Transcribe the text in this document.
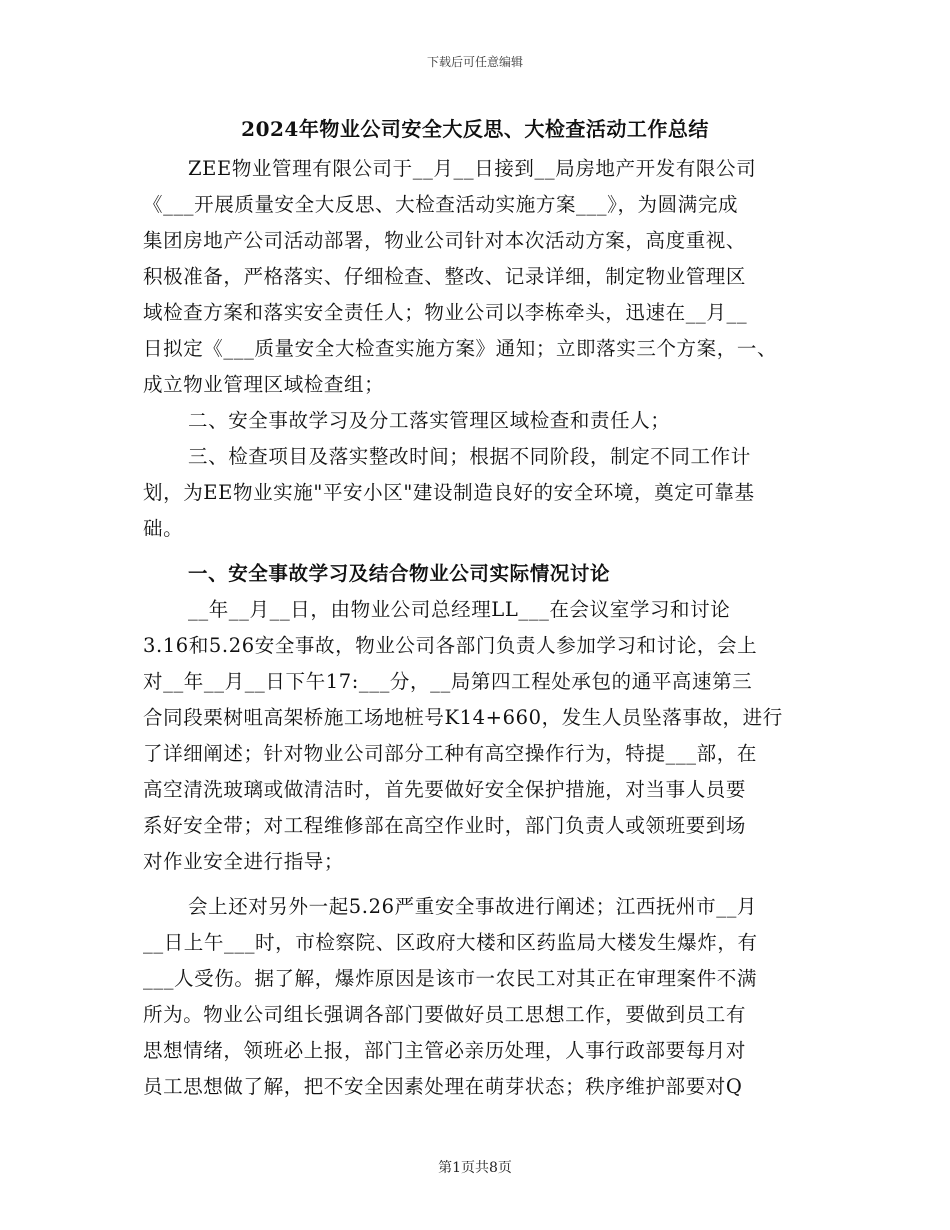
下载后可任意编辑
2024年物业公司安全大反思、大检查活动工作总结
ZEE物业管理有限公司于__月__日接到__局房地产开发有限公司
《___开展质量安全大反思、大检查活动实施方案___》，为圆满完成
集团房地产公司活动部署，物业公司针对本次活动方案，高度重视、
积极准备，严格落实、仔细检查、整改、记录详细，制定物业管理区
域检查方案和落实安全责任人；物业公司以李栋牵头，迅速在__月__
日拟定《___质量安全大检查实施方案》通知；立即落实三个方案，一、
成立物业管理区域检查组；
二、安全事故学习及分工落实管理区域检查和责任人；
三、检查项目及落实整改时间；根据不同阶段，制定不同工作计
划，为EE物业实施"平安小区"建设制造良好的安全环境，奠定可靠基
础。
一、安全事故学习及结合物业公司实际情况讨论
__年__月__日，由物业公司总经理LL___在会议室学习和讨论
3.16和5.26安全事故，物业公司各部门负责人参加学习和讨论，会上
对__年__月__日下午17:___分，__局第四工程处承包的通平高速第三
合同段栗树咀高架桥施工场地桩号K14+660，发生人员坠落事故，进行
了详细阐述；针对物业公司部分工种有高空操作行为，特提___部，在
高空清洗玻璃或做清洁时，首先要做好安全保护措施，对当事人员要
系好安全带；对工程维修部在高空作业时，部门负责人或领班要到场
对作业安全进行指导；
会上还对另外一起5.26严重安全事故进行阐述；江西抚州市__月
__日上午___时，市检察院、区政府大楼和区药监局大楼发生爆炸，有
___人受伤。据了解，爆炸原因是该市一农民工对其正在审理案件不满
所为。物业公司组长强调各部门要做好员工思想工作，要做到员工有
思想情绪，领班必上报，部门主管必亲历处理，人事行政部要每月对
员工思想做了解，把不安全因素处理在萌芽状态；秩序维护部要对Q
第1页共8页
